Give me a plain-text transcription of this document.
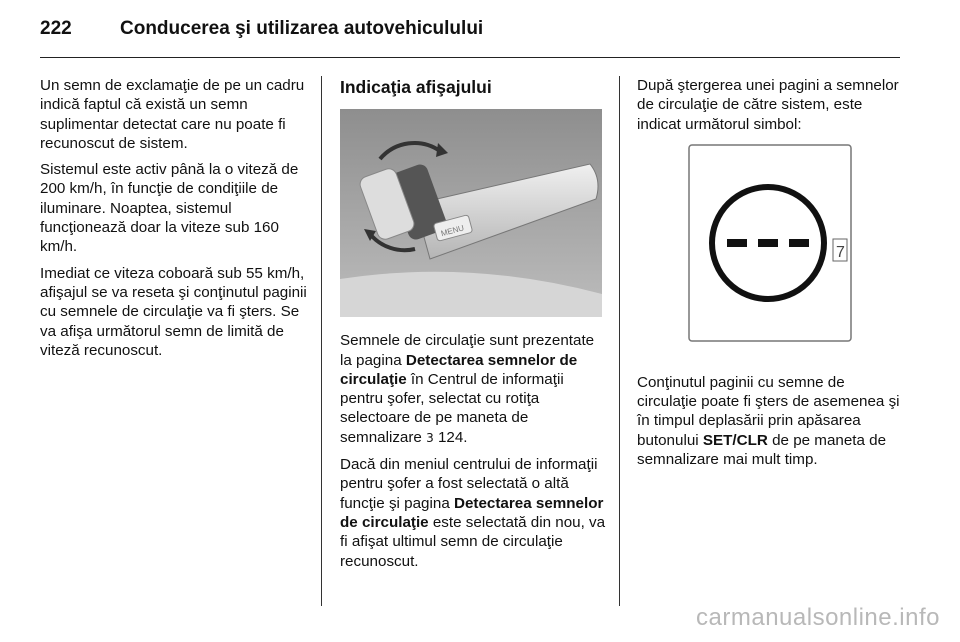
222	Conducerea şi utilizarea autovehiculului

Un semn de exclamaţie de pe un cadru indică faptul că există un semn suplimentar detectat care nu poate fi recunoscut de sistem.

Sistemul este activ până la o viteză de 200 km/h, în funcţie de condiţiile de iluminare. Noaptea, sistemul funcţionează doar la viteze sub 160 km/h.

Imediat ce viteza coboară sub 55 km/h, afişajul se va reseta şi conţinutul paginii cu semnele de circulaţie va fi şters. Se va afişa următorul semn de limită de viteză recunoscut.

Indicaţia afişajului
MENU

Semnele de circulaţie sunt prezentate la pagina Detectarea semnelor de circulaţie în Centrul de informaţii pentru şofer, selectat cu rotiţa selectoare de pe maneta de semnalizare 3 124.

Dacă din meniul centrului de informaţii pentru şofer a fost selectată o altă funcţie şi pagina Detectarea semnelor de circulaţie este selectată din nou, va fi afişat ultimul semn de circulaţie recunoscut.

După ştergerea unei pagini a semnelor de circulaţie de către sistem, este indicat următorul simbol:

7

Conţinutul paginii cu semne de circulaţie poate fi şters de asemenea şi în timpul deplasării prin apăsarea butonului SET/CLR de pe maneta de semnalizare mai mult timp.

carmanualsonline.info
